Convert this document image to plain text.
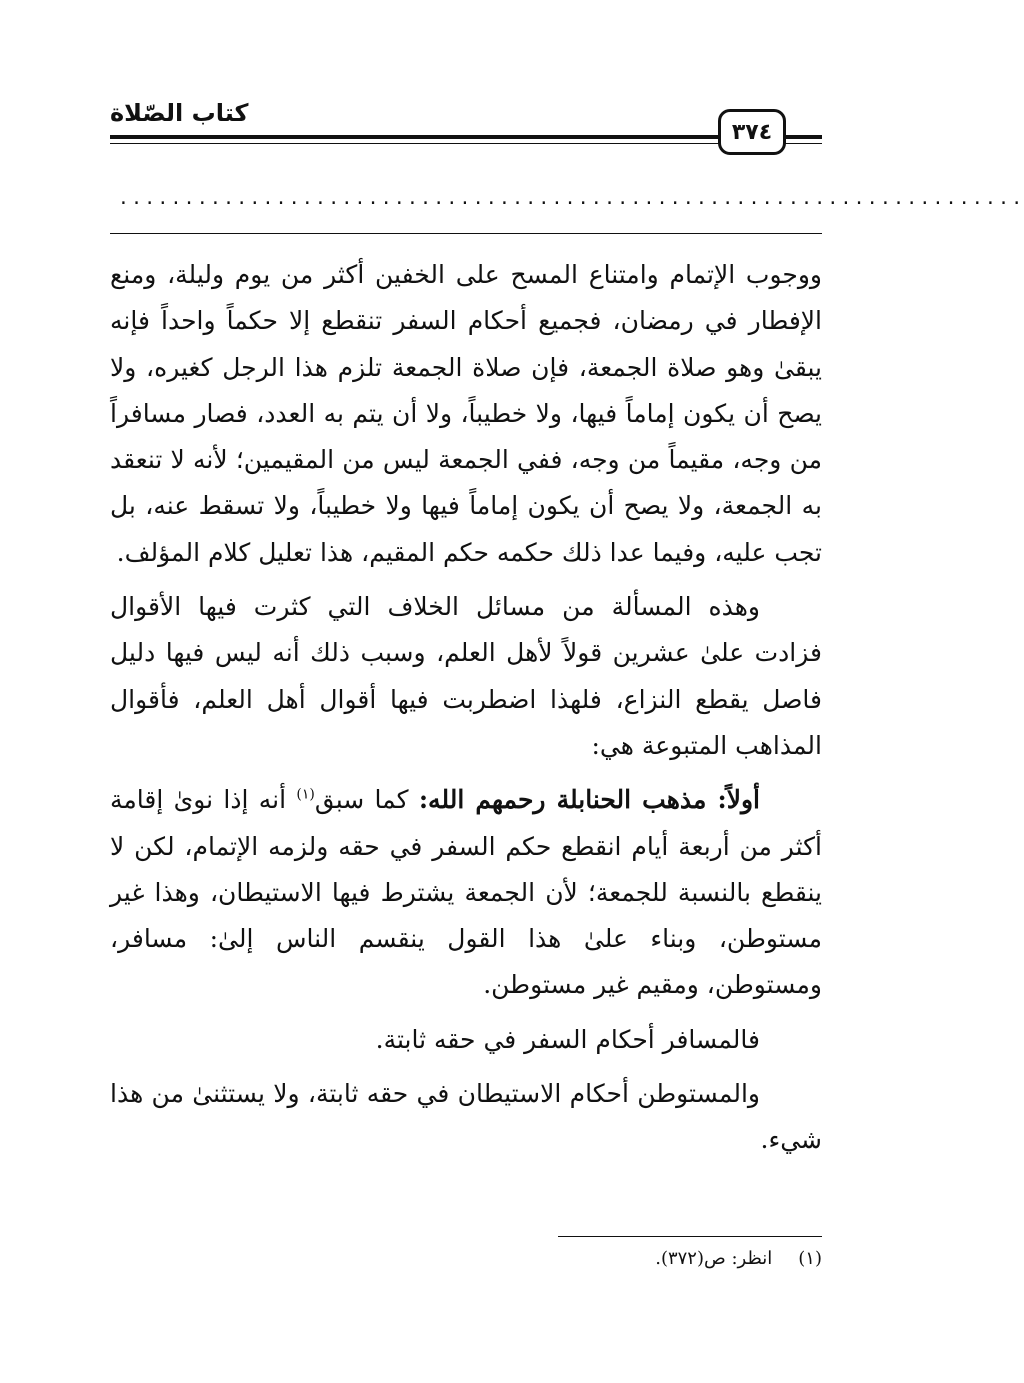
كتاب الصّلاة
٣٧٤
.....................................................................

ووجوب الإتمام وامتناع المسح على الخفين أكثر من يوم وليلة، ومنع الإفطار في رمضان، فجميع أحكام السفر تنقطع إلا حكماً واحداً فإنه يبقىٰ وهو صلاة الجمعة، فإن صلاة الجمعة تلزم هذا الرجل كغيره، ولا يصح أن يكون إماماً فيها، ولا خطيباً، ولا أن يتم به العدد، فصار مسافراً من وجه، مقيماً من وجه، ففي الجمعة ليس من المقيمين؛ لأنه لا تنعقد به الجمعة، ولا يصح أن يكون إماماً فيها ولا خطيباً، ولا تسقط عنه، بل تجب عليه، وفيما عدا ذلك حكمه حكم المقيم، هذا تعليل كلام المؤلف.

وهذه المسألة من مسائل الخلاف التي كثرت فيها الأقوال فزادت علىٰ عشرين قولاً لأهل العلم، وسبب ذلك أنه ليس فيها دليل فاصل يقطع النزاع، فلهذا اضطربت فيها أقوال أهل العلم، فأقوال المذاهب المتبوعة هي:

أولاً: مذهب الحنابلة رحمهم الله: كما سبق$^{(١)}$ أنه إذا نوىٰ إقامة أكثر من أربعة أيام انقطع حكم السفر في حقه ولزمه الإتمام، لكن لا ينقطع بالنسبة للجمعة؛ لأن الجمعة يشترط فيها الاستيطان، وهذا غير مستوطن، وبناء علىٰ هذا القول ينقسم الناس إلىٰ: مسافر، ومستوطن، ومقيم غير مستوطن.

فالمسافر أحكام السفر في حقه ثابتة.

والمستوطن أحكام الاستيطان في حقه ثابتة، ولا يستثنىٰ من هذا شيء.

(١)انظر: ص(٣٧٢).
